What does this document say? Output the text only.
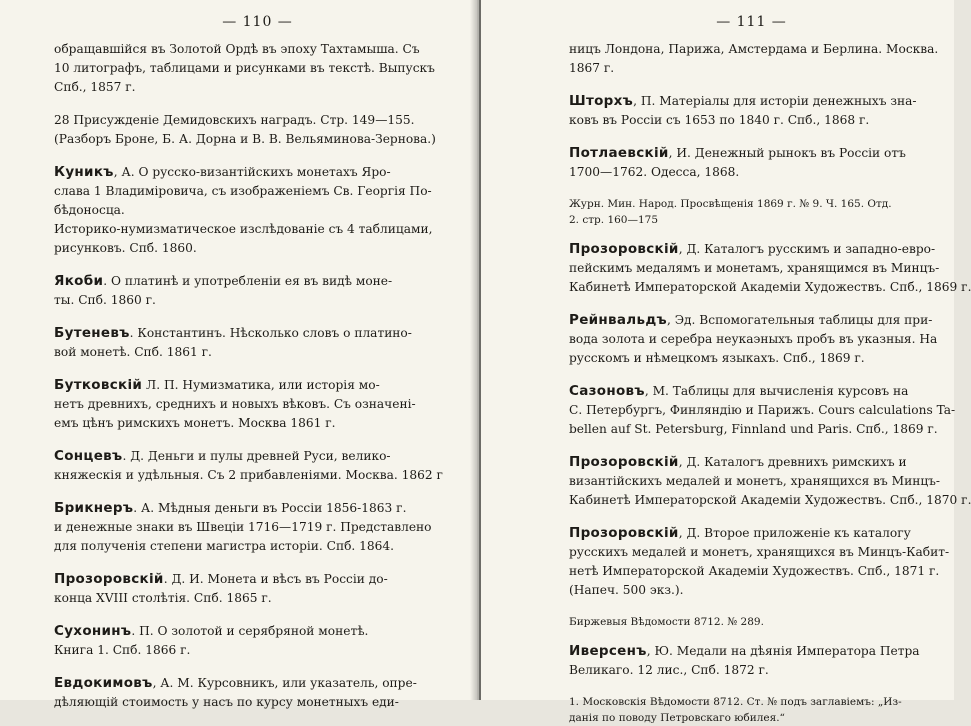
— 110 —
обращавшійся въ Золотой Ордѣ въ эпоху Тахтамыша. Съ
10 литографъ, таблицами и рисунками въ текстѣ. Выпускъ
Спб., 1857 г.
28 Присужденіе Демидовскихъ наградъ. Стр. 149—155.
(Разборъ Броне, Б. А. Дорна и В. В. Вельяминова-Зернова.)
Куникъ, А. О русско-византійскихъ монетахъ Яро-
слава 1 Владиміровича, съ изображеніемъ Св. Георгія По-
бѣдоносца.
Историко-нумизматическое изслѣдованіе съ 4 таблицами,
рисунковъ. Спб. 1860.
Якоби. О платинѣ и употребленіи ея въ видѣ моне-
ты. Спб. 1860 г.
Бутеневъ. Константинъ. Нѣсколько словъ о платино-
вой монетѣ. Спб. 1861 г.
Бутковскій Л. П. Нумизматика, или исторія мо-
нетъ древнихъ, среднихъ и новыхъ вѣковъ. Съ означені-
емъ цѣнъ римскихъ монетъ. Москва 1861 г.
Сонцевъ. Д. Деньги и пулы древней Руси, велико-
княжескія и удѣльныя. Съ 2 прибавленіями. Москва. 1862 г
Брикнеръ. А. Мѣдныя деньги въ Россіи 1856-1863 г.
и денежные знаки въ Швеціи 1716—1719 г. Представлено
для полученія степени магистра исторіи. Спб. 1864.
Прозоровскій. Д. И. Монета и вѣсъ въ Россіи до-
конца XVIII столѣтія. Спб. 1865 г.
Сухонинъ. П. О золотой и серябряной монетѣ.
Книга 1. Спб. 1866 г.
Евдокимовъ, А. М. Курсовникъ, или указатель, опре-
дѣляющій стоимость у насъ по курсу монетныхъ еди-
— 111 —
ницъ Лондона, Парижа, Амстердама и Берлина. Москва.
1867 г.
Шторхъ, П. Матеріалы для исторіи денежныхъ зна-
ковъ въ Россіи съ 1653 по 1840 г. Спб., 1868 г.
Потлаевскій, И. Денежный рынокъ въ Россіи отъ
1700—1762. Одесса, 1868.
Журн. Мин. Народ. Просвѣщенія 1869 г. № 9. Ч. 165. Отд.
2. стр. 160—175
Прозоровскій, Д. Каталогъ русскимъ и западно-евро-
пейскимъ медалямъ и монетамъ, хранящимся въ Минцъ-
Кабинетѣ Императорской Академіи Художествъ. Спб., 1869 г.
Рейнвальдъ, Эд. Вспомогательныя таблицы для при-
вода золота и серебра неукаэныхъ пробъ въ указныя. На
русскомъ и нѣмецкомъ языкахъ. Спб., 1869 г.
Сазоновъ, М. Таблицы для вычисленія курсовъ на
С. Петербургъ, Финляндію и Парижъ. Cours calculations Ta-
bellen auf St. Petersburg, Finnland und Paris. Спб., 1869 г.
Прозоровскій, Д. Каталогъ древнихъ римскихъ и
византійскихъ медалей и монетъ, хранящихся въ Минцъ-
Кабинетѣ Императорской Академіи Художествъ. Спб., 1870 г.
Прозоровскій, Д. Второе приложеніе къ каталогу
русскихъ медалей и монетъ, хранящихся въ Минцъ-Кабит-
нетѣ Императорской Академіи Художествъ. Спб., 1871 г.
(Напеч. 500 экз.).
Биржевыя Вѣдомости 8712. № 289.
Иверсенъ, Ю. Медали на дѣянія Императора Петра
Великаго. 12 лис., Спб. 1872 г.
1. Московскія Вѣдомости 8712. Ст. № подъ заглавіемъ: „Из-
данія по поводу Петровскаго юбилея.“
